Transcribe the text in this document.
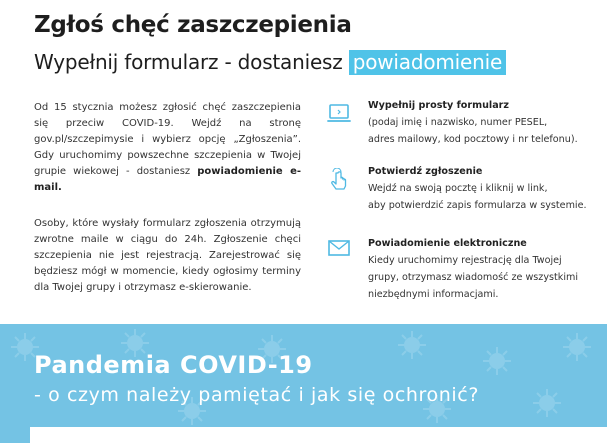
Zgłoś chęć zaszczepienia

Wypełnij formularz - dostaniesz powiadomienie

Od 15 stycznia możesz zgłosić chęć zaszczepienia się przeciw COVID-19. Wejdź na stronę gov.pl/szczepimysie i wybierz opcję „Zgłoszenia”. Gdy uruchomimy powszechne szczepienia w Twojej grupie wiekowej - dostaniesz powiadomienie e-mail.

Osoby, które wysłały formularz zgłoszenia otrzymują zwrotne maile w ciągu do 24h. Zgłoszenie chęci szczepienia nie jest rejestracją. Zarejestrować się będziesz mógł w momencie, kiedy ogłosimy terminy dla Twojej grupy i otrzymasz e-skierowanie.

Wypełnij prosty formularz
(podaj imię i nazwisko, numer PESEL,
adres mailowy, kod pocztowy i nr telefonu).
Potwierdź zgłoszenie
Wejdź na swoją pocztę i kliknij w link,
aby potwierdzić zapis formularza w systemie.
Powiadomienie elektroniczne
Kiedy uruchomimy rejestrację dla Twojej
grupy, otrzymasz wiadomość ze wszystkimi
niezbędnymi informacjami.
Pandemia COVID-19

- o czym należy pamiętać i jak się ochronić?
